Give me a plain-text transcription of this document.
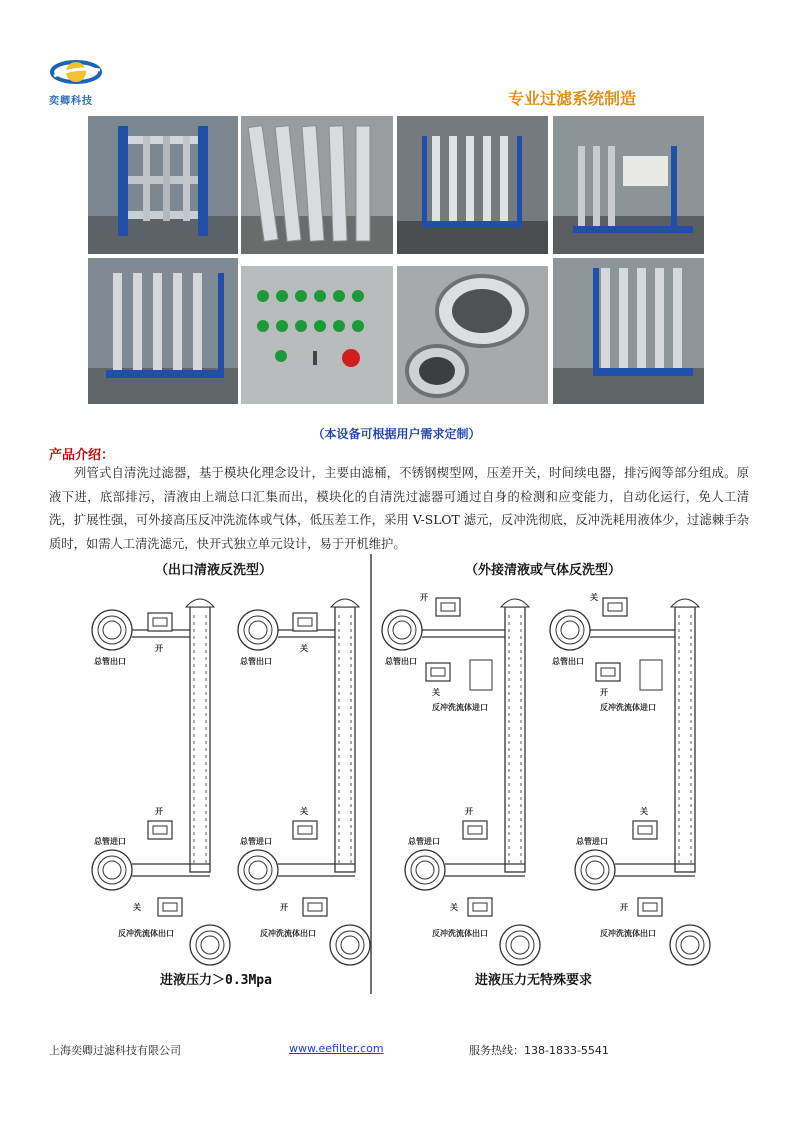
奕卿科技	专业过滤系统制造
（本设备可根据用户需求定制）
产品介绍：
列管式自清洗过滤器，基于模块化理念设计，主要由滤桶，不锈钢楔型网，压差开关，时间续电器，排污阀等部分组成。原液下进，底部排污，清液由上端总口汇集而出，模块化的自清洗过滤器可通过自身的检测和应变能力，自动化运行，免人工清洗，扩展性强，可外接高压反冲洗流体或气体，低压差工作，采用 V-SLOT 滤元，反冲洗彻底，反冲洗耗用液体少，过滤棘手杂质时，如需人工清洗滤元，快开式独立单元设计，易于开机维护。
（出口清液反洗型）	（外接清液或气体反洗型）
开
总管出口
开
总管进口
关
反冲洗流体出口
关
总管出口
关
总管进口
开
反冲洗流体出口
进液压力＞0.3Mpa
开
总管出口
关
反冲洗流体进口
开
总管进口
关
反冲洗流体出口
关
总管出口
开
反冲洗流体进口
关
总管进口
开
反冲洗流体出口
进液压力无特殊要求
上海奕卿过滤科技有限公司	www.eefilter.com	服务热线：138-1833-5541
